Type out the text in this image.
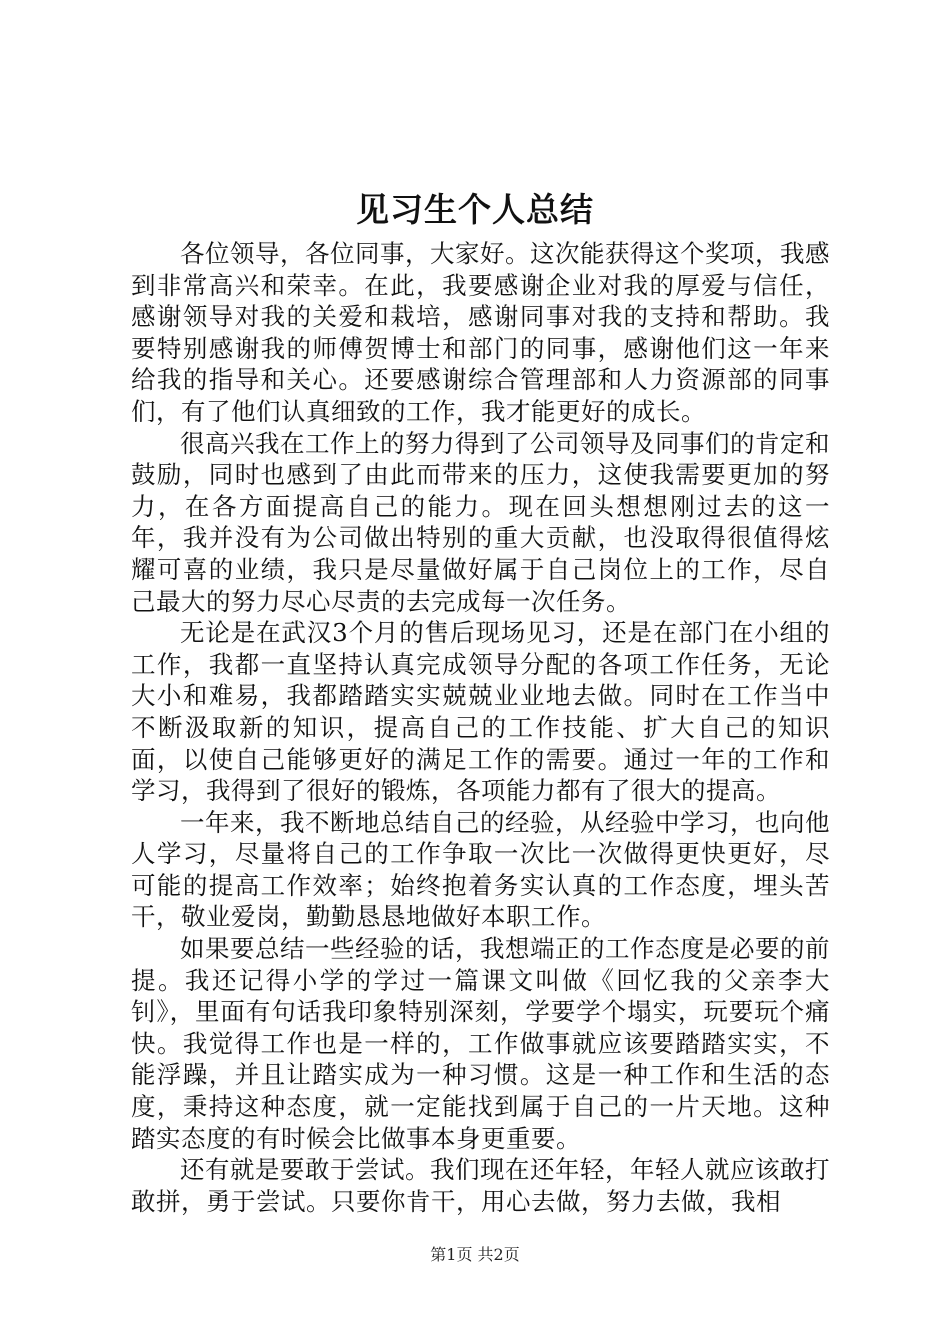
见习生个人总结

各位领导，各位同事，大家好。这次能获得这个奖项，我感到非常高兴和荣幸。在此，我要感谢企业对我的厚爱与信任，感谢领导对我的关爱和栽培，感谢同事对我的支持和帮助。我要特别感谢我的师傅贺博士和部门的同事，感谢他们这一年来给我的指导和关心。还要感谢综合管理部和人力资源部的同事们，有了他们认真细致的工作，我才能更好的成长。

很高兴我在工作上的努力得到了公司领导及同事们的肯定和鼓励，同时也感到了由此而带来的压力，这使我需要更加的努力，在各方面提高自己的能力。现在回头想想刚过去的这一年，我并没有为公司做出特别的重大贡献，也没取得很值得炫耀可喜的业绩，我只是尽量做好属于自己岗位上的工作，尽自己最大的努力尽心尽责的去完成每一次任务。

无论是在武汉3个月的售后现场见习，还是在部门在小组的工作，我都一直坚持认真完成领导分配的各项工作任务，无论大小和难易，我都踏踏实实兢兢业业地去做。同时在工作当中不断汲取新的知识，提高自己的工作技能、扩大自己的知识面，以使自己能够更好的满足工作的需要。通过一年的工作和学习，我得到了很好的锻炼，各项能力都有了很大的提高。

一年来，我不断地总结自己的经验，从经验中学习，也向他人学习，尽量将自己的工作争取一次比一次做得更快更好，尽可能的提高工作效率；始终抱着务实认真的工作态度，埋头苦干，敬业爱岗，勤勤恳恳地做好本职工作。

如果要总结一些经验的话，我想端正的工作态度是必要的前提。我还记得小学的学过一篇课文叫做《回忆我的父亲李大钊》，里面有句话我印象特别深刻，学要学个塌实，玩要玩个痛快。我觉得工作也是一样的，工作做事就应该要踏踏实实，不能浮躁，并且让踏实成为一种习惯。这是一种工作和生活的态度，秉持这种态度，就一定能找到属于自己的一片天地。这种踏实态度的有时候会比做事本身更重要。

还有就是要敢于尝试。我们现在还年轻，年轻人就应该敢打敢拼，勇于尝试。只要你肯干，用心去做，努力去做，我相

第1页 共2页
